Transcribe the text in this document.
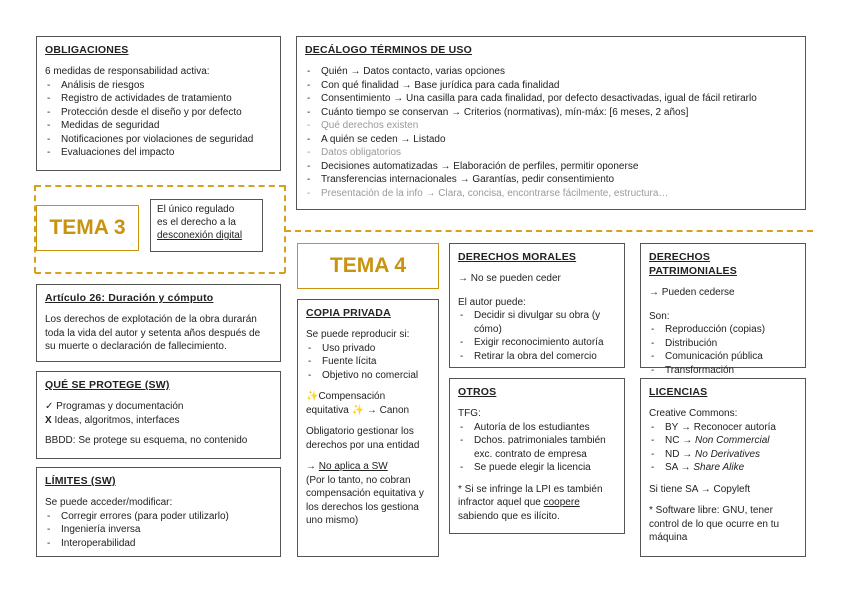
OBLIGACIONES
6 medidas de responsabilidad activa:
- Análisis de riesgos
- Registro de actividades de tratamiento
- Protección desde el diseño y por defecto
- Medidas de seguridad
- Notificaciones por violaciones de seguridad
- Evaluaciones del impacto
DECÁLOGO TÉRMINOS DE USO
- Quién → Datos contacto, varias opciones
- Con qué finalidad → Base jurídica para cada finalidad
- Consentimiento → Una casilla para cada finalidad, por defecto desactivadas, igual de fácil retirarlo
- Cuánto tiempo se conservan → Criterios (normativas), mín-máx: [6 meses, 2 años]
- Qué derechos existen
- A quién se ceden → Listado
- Datos obligatorios
- Decisiones automatizadas → Elaboración de perfiles, permitir oponerse
- Transferencias internacionales → Garantías, pedir consentimiento
- Presentación de la info → Clara, concisa, encontrarse fácilmente, estructura…
TEMA 3
El único regulado
es el derecho a la
desconexión digital
TEMA 4
Artículo 26: Duración y cómputo
Los derechos de explotación de la obra durarán toda la vida del autor y setenta años después de su muerte o declaración de fallecimiento.
QUÉ SE PROTEGE (SW)
✓ Programas y documentación
X Ideas, algoritmos, interfaces
BBDD: Se protege su esquema, no contenido
LÍMITES (SW)
Se puede acceder/modificar:
- Corregir errores (para poder utilizarlo)
- Ingeniería inversa
- Interoperabilidad
COPIA PRIVADA
Se puede reproducir si:
- Uso privado
- Fuente lícita
- Objetivo no comercial
✨Compensación
equitativa ✨ → Canon
Obligatorio gestionar los derechos por una entidad
→ No aplica a SW
(Por lo tanto, no cobran compensación equitativa y los derechos los gestiona uno mismo)
DERECHOS MORALES
→ No se pueden ceder
El autor puede:
- Decidir si divulgar su obra (y cómo)
- Exigir reconocimiento autoría
- Retirar la obra del comercio
DERECHOS PATRIMONIALES
→ Pueden cederse
Son:
- Reproducción (copias)
- Distribución
- Comunicación pública
- Transformación
OTROS
TFG:
- Autoría de los estudiantes
- Dchos. patrimoniales también exc. contrato de empresa
- Se puede elegir la licencia
* Si se infringe la LPI es también infractor aquel que coopere sabiendo que es ilícito.
LICENCIAS
Creative Commons:
- BY → Reconocer autoría
- NC → Non Commercial
- ND → No Derivatives
- SA → Share Alike
Si tiene SA → Copyleft
* Software libre: GNU, tener control de lo que ocurre en tu máquina
